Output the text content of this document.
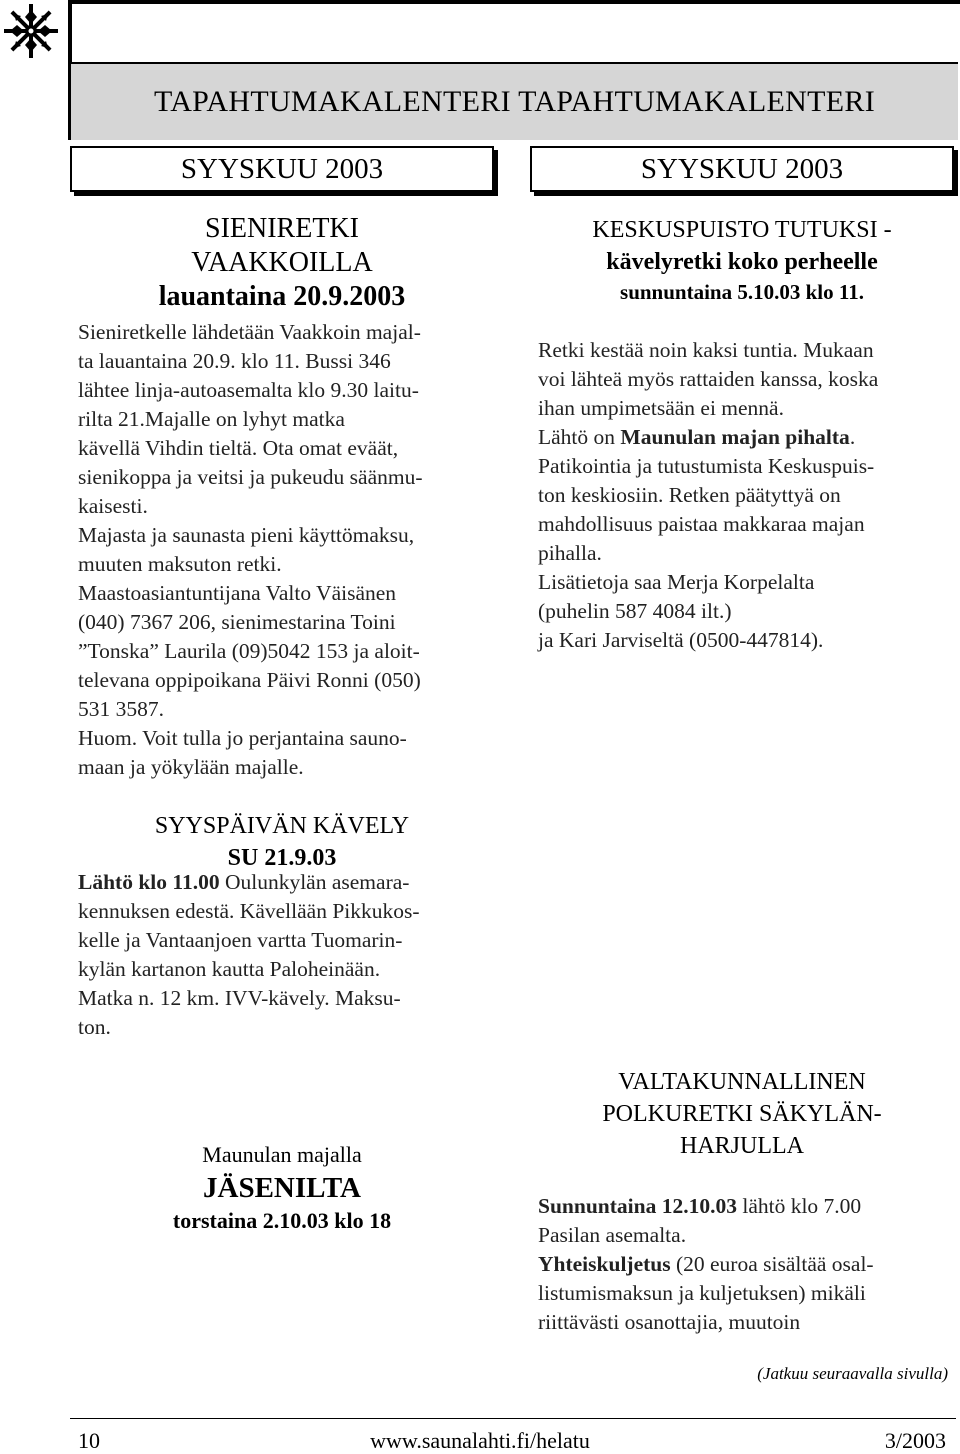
TAPAHTUMAKALENTERI TAPAHTUMAKALENTERI
SYYSKUU 2003	SYYSKUU 2003
SIENIRETKI
VAAKKOILLA
lauantaina 20.9.2003
Sieniretkelle lähdetään Vaakkoin majal-
ta lauantaina 20.9. klo 11. Bussi 346
lähtee linja-autoasemalta klo 9.30 laitu-
rilta 21.Majalle on lyhyt matka
kävellä Vihdin tieltä. Ota omat eväät,
sienikoppa ja veitsi ja pukeudu säänmu-
kaisesti.
Majasta ja saunasta pieni käyttömaksu,
muuten maksuton retki.
Maastoasiantuntijana Valto Väisänen
(040) 7367 206, sienimestarina Toini
”Tonska” Laurila (09)5042 153 ja aloit-
televana oppipoikana Päivi Ronni (050)
531 3587.
Huom. Voit tulla jo perjantaina sauno-
maan ja yökylään majalle.
SYYSPÄIVÄN KÄVELY
SU 21.9.03
Lähtö klo 11.00 Oulunkylän asemara-
kennuksen edestä. Kävellään Pikkukos-
kelle ja Vantaanjoen vartta Tuomarin-
kylän kartanon kautta Paloheinään.
Matka n. 12 km. IVV-kävely. Maksu-
ton.
Maunulan majalla
JÄSENILTA
torstaina 2.10.03 klo 18
KESKUSPUISTO TUTUKSI -
kävelyretki koko perheelle
sunnuntaina 5.10.03 klo 11.
Retki kestää noin kaksi tuntia. Mukaan
voi lähteä myös rattaiden kanssa, koska
ihan umpimetsään ei mennä.
Lähtö on Maunulan majan pihalta.
Patikointia ja tutustumista Keskuspuis-
ton keskiosiin. Retken päätyttyä on
mahdollisuus paistaa makkaraa majan
pihalla.
Lisätietoja saa Merja Korpelalta
(puhelin 587 4084 ilt.)
ja Kari Jarviseltä (0500-447814).
VALTAKUNNALLINEN
POLKURETKI SÄKYLÄN-
HARJULLA
Sunnuntaina 12.10.03 lähtö klo 7.00
Pasilan asemalta.
Yhteiskuljetus (20 euroa sisältää osal-
listumismaksun ja kuljetuksen) mikäli
riittävästi osanottajia, muutoin
(Jatkuu seuraavalla sivulla)
10	www.saunalahti.fi/helatu	3/2003
